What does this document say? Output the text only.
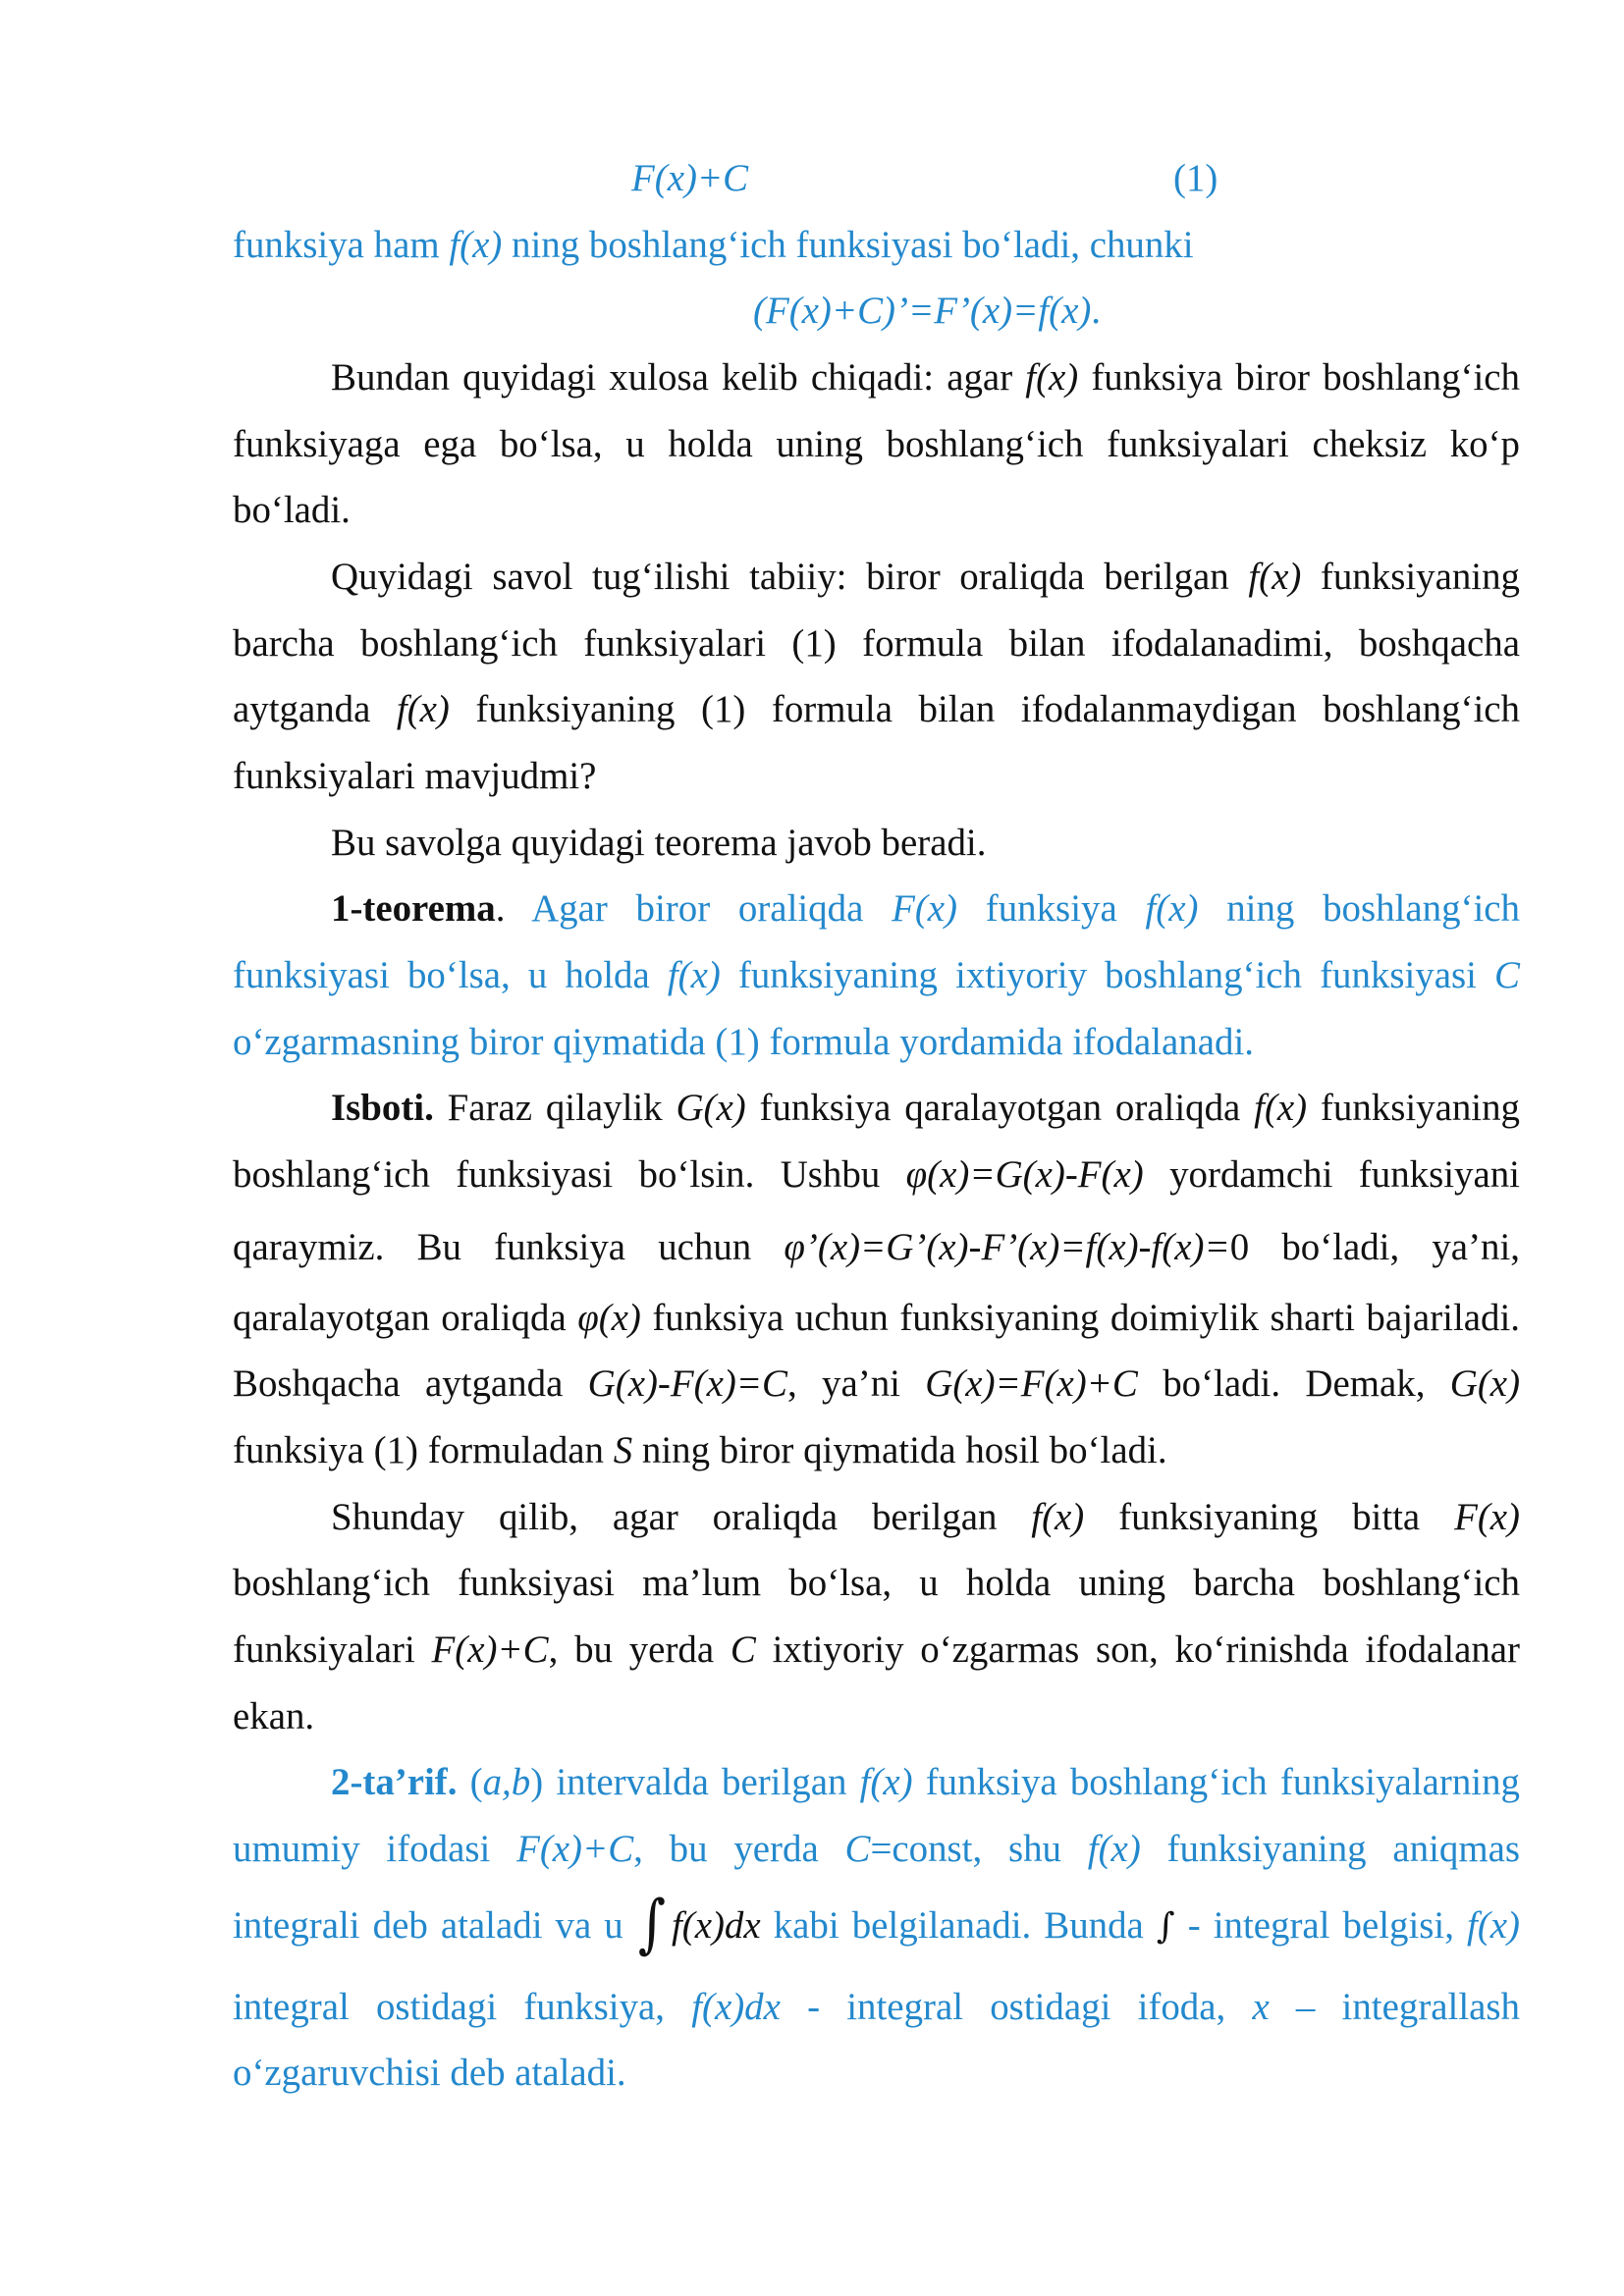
F(x)+C	(1)
funksiya ham f(x) ning boshlang‘ich funksiyasi bo‘ladi, chunki
(F(x)+C)’=F’(x)=f(x).
Bundan quyidagi xulosa kelib chiqadi: agar f(x) funksiya biror boshlang‘ich
funksiyaga ega bo‘lsa, u holda uning boshlang‘ich funksiyalari cheksiz ko‘p
bo‘ladi.
Quyidagi savol tug‘ilishi tabiiy: biror oraliqda berilgan f(x) funksiyaning
barcha boshlang‘ich funksiyalari (1) formula bilan ifodalanadimi, boshqacha
aytganda f(x) funksiyaning (1) formula bilan ifodalanmaydigan boshlang‘ich
funksiyalari mavjudmi?
Bu savolga quyidagi teorema javob beradi.
1-teorema. Agar biror oraliqda F(x) funksiya f(x) ning boshlang‘ich
funksiyasi bo‘lsa, u holda f(x) funksiyaning ixtiyoriy boshlang‘ich funksiyasi C
o‘zgarmasning biror qiymatida (1) formula yordamida ifodalanadi.
Isboti. Faraz qilaylik G(x) funksiya qaralayotgan oraliqda f(x) funksiyaning
boshlang‘ich funksiyasi bo‘lsin. Ushbu φ(x)=G(x)-F(x) yordamchi funksiyani
qaraymiz. Bu funksiya uchun φ’(x)=G’(x)-F’(x)=f(x)-f(x)=0 bo‘ladi, ya’ni,
qaralayotgan oraliqda φ(x) funksiya uchun funksiyaning doimiylik sharti bajariladi.
Boshqacha aytganda G(x)-F(x)=C, ya’ni G(x)=F(x)+C bo‘ladi. Demak, G(x)
funksiya (1) formuladan S ning biror qiymatida hosil bo‘ladi.
Shunday qilib, agar oraliqda berilgan f(x) funksiyaning bitta F(x)
boshlang‘ich funksiyasi ma’lum bo‘lsa, u holda uning barcha boshlang‘ich
funksiyalari F(x)+C, bu yerda C ixtiyoriy o‘zgarmas son, ko‘rinishda ifodalanar
ekan.
2-ta’rif. (a,b) intervalda berilgan f(x) funksiya boshlang‘ich funksiyalarning
umumiy ifodasi F(x)+C, bu yerda C=const, shu f(x) funksiyaning aniqmas
integrali deb ataladi va u ∫ f(x)dx kabi belgilanadi. Bunda ∫ - integral belgisi, f(x)
integral ostidagi funksiya, f(x)dx - integral ostidagi ifoda, x – integrallash
o‘zgaruvchisi deb ataladi.
